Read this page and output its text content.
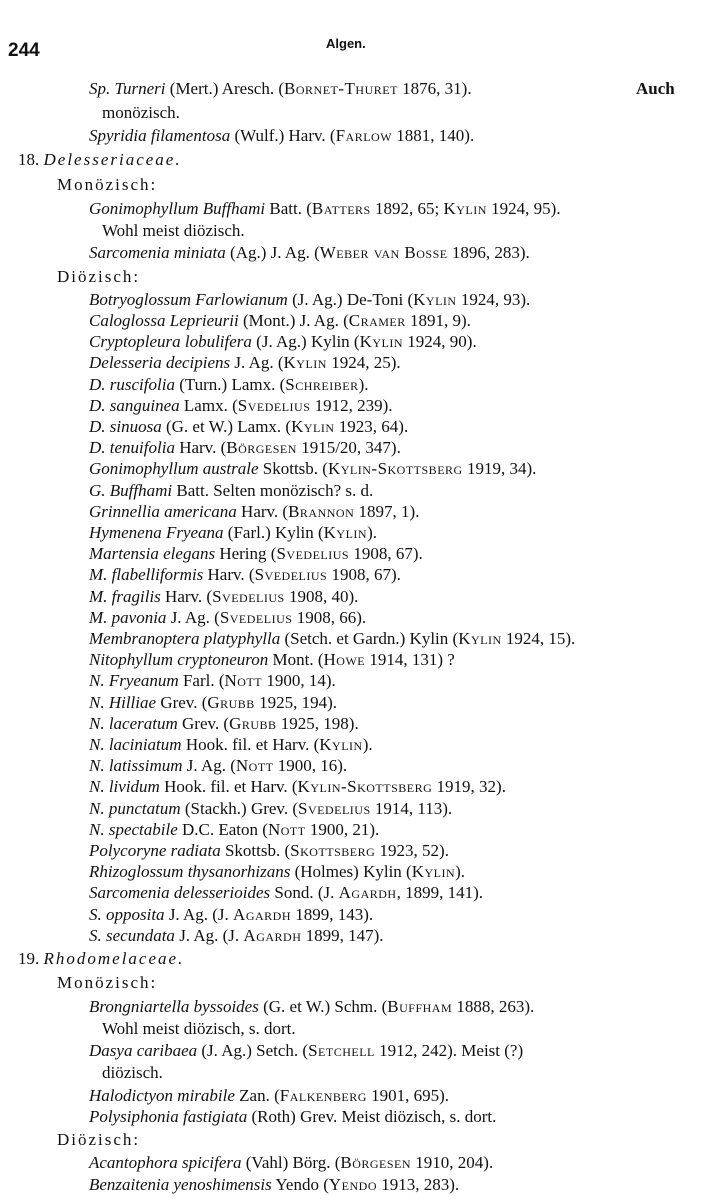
244	Algen.
Sp. Turneri (Mert.) Aresch. (Bornet-Thuret 1876, 31).	Auch
monözisch.
Spyridia filamentosa (Wulf.) Harv. (Farlow 1881, 140).
18. Delesseriaceae.
Monözisch:
Gonimophyllum Buffhami Batt. (Batters 1892, 65; Kylin 1924, 95).
Wohl meist diözisch.
Sarcomenia miniata (Ag.) J. Ag. (Weber van Bosse 1896, 283).
Diözisch:
Botryoglossum Farlowianum (J. Ag.) De-Toni (Kylin 1924, 93).
Caloglossa Leprieurii (Mont.) J. Ag. (Cramer 1891, 9).
Cryptopleura lobulifera (J. Ag.) Kylin (Kylin 1924, 90).
Delesseria decipiens J. Ag. (Kylin 1924, 25).
D. ruscifolia (Turn.) Lamx. (Schreiber).
D. sanguinea Lamx. (Svedelius 1912, 239).
D. sinuosa (G. et W.) Lamx. (Kylin 1923, 64).
D. tenuifolia Harv. (Börgesen 1915/20, 347).
Gonimophyllum australe Skottsb. (Kylin-Skottsberg 1919, 34).
G. Buffhami Batt. Selten monözisch? s. d.
Grinnellia americana Harv. (Brannon 1897, 1).
Hymenena Fryeana (Farl.) Kylin (Kylin).
Martensia elegans Hering (Svedelius 1908, 67).
M. flabelliformis Harv. (Svedelius 1908, 67).
M. fragilis Harv. (Svedelius 1908, 40).
M. pavonia J. Ag. (Svedelius 1908, 66).
Membranoptera platyphylla (Setch. et Gardn.) Kylin (Kylin 1924, 15).
Nitophyllum cryptoneuron Mont. (Howe 1914, 131) ?
N. Fryeanum Farl. (Nott 1900, 14).
N. Hilliae Grev. (Grubb 1925, 194).
N. laceratum Grev. (Grubb 1925, 198).
N. laciniatum Hook. fil. et Harv. (Kylin).
N. latissimum J. Ag. (Nott 1900, 16).
N. lividum Hook. fil. et Harv. (Kylin-Skottsberg 1919, 32).
N. punctatum (Stackh.) Grev. (Svedelius 1914, 113).
N. spectabile D.C. Eaton (Nott 1900, 21).
Polycoryne radiata Skottsb. (Skottsberg 1923, 52).
Rhizoglossum thysanorhizans (Holmes) Kylin (Kylin).
Sarcomenia delesserioides Sond. (J. Agardh, 1899, 141).
S. opposita J. Ag. (J. Agardh 1899, 143).
S. secundata J. Ag. (J. Agardh 1899, 147).
19. Rhodomelaceae.
Monözisch:
Brongniartella byssoides (G. et W.) Schm. (Buffham 1888, 263).
Wohl meist diözisch, s. dort.
Dasya caribaea (J. Ag.) Setch. (Setchell 1912, 242). Meist (?)
diözisch.
Halodictyon mirabile Zan. (Falkenberg 1901, 695).
Polysiphonia fastigiata (Roth) Grev. Meist diözisch, s. dort.
Diözisch:
Acantophora spicifera (Vahl) Börg. (Börgesen 1910, 204).
Benzaitenia yenoshimensis Yendo (Yendo 1913, 283).
